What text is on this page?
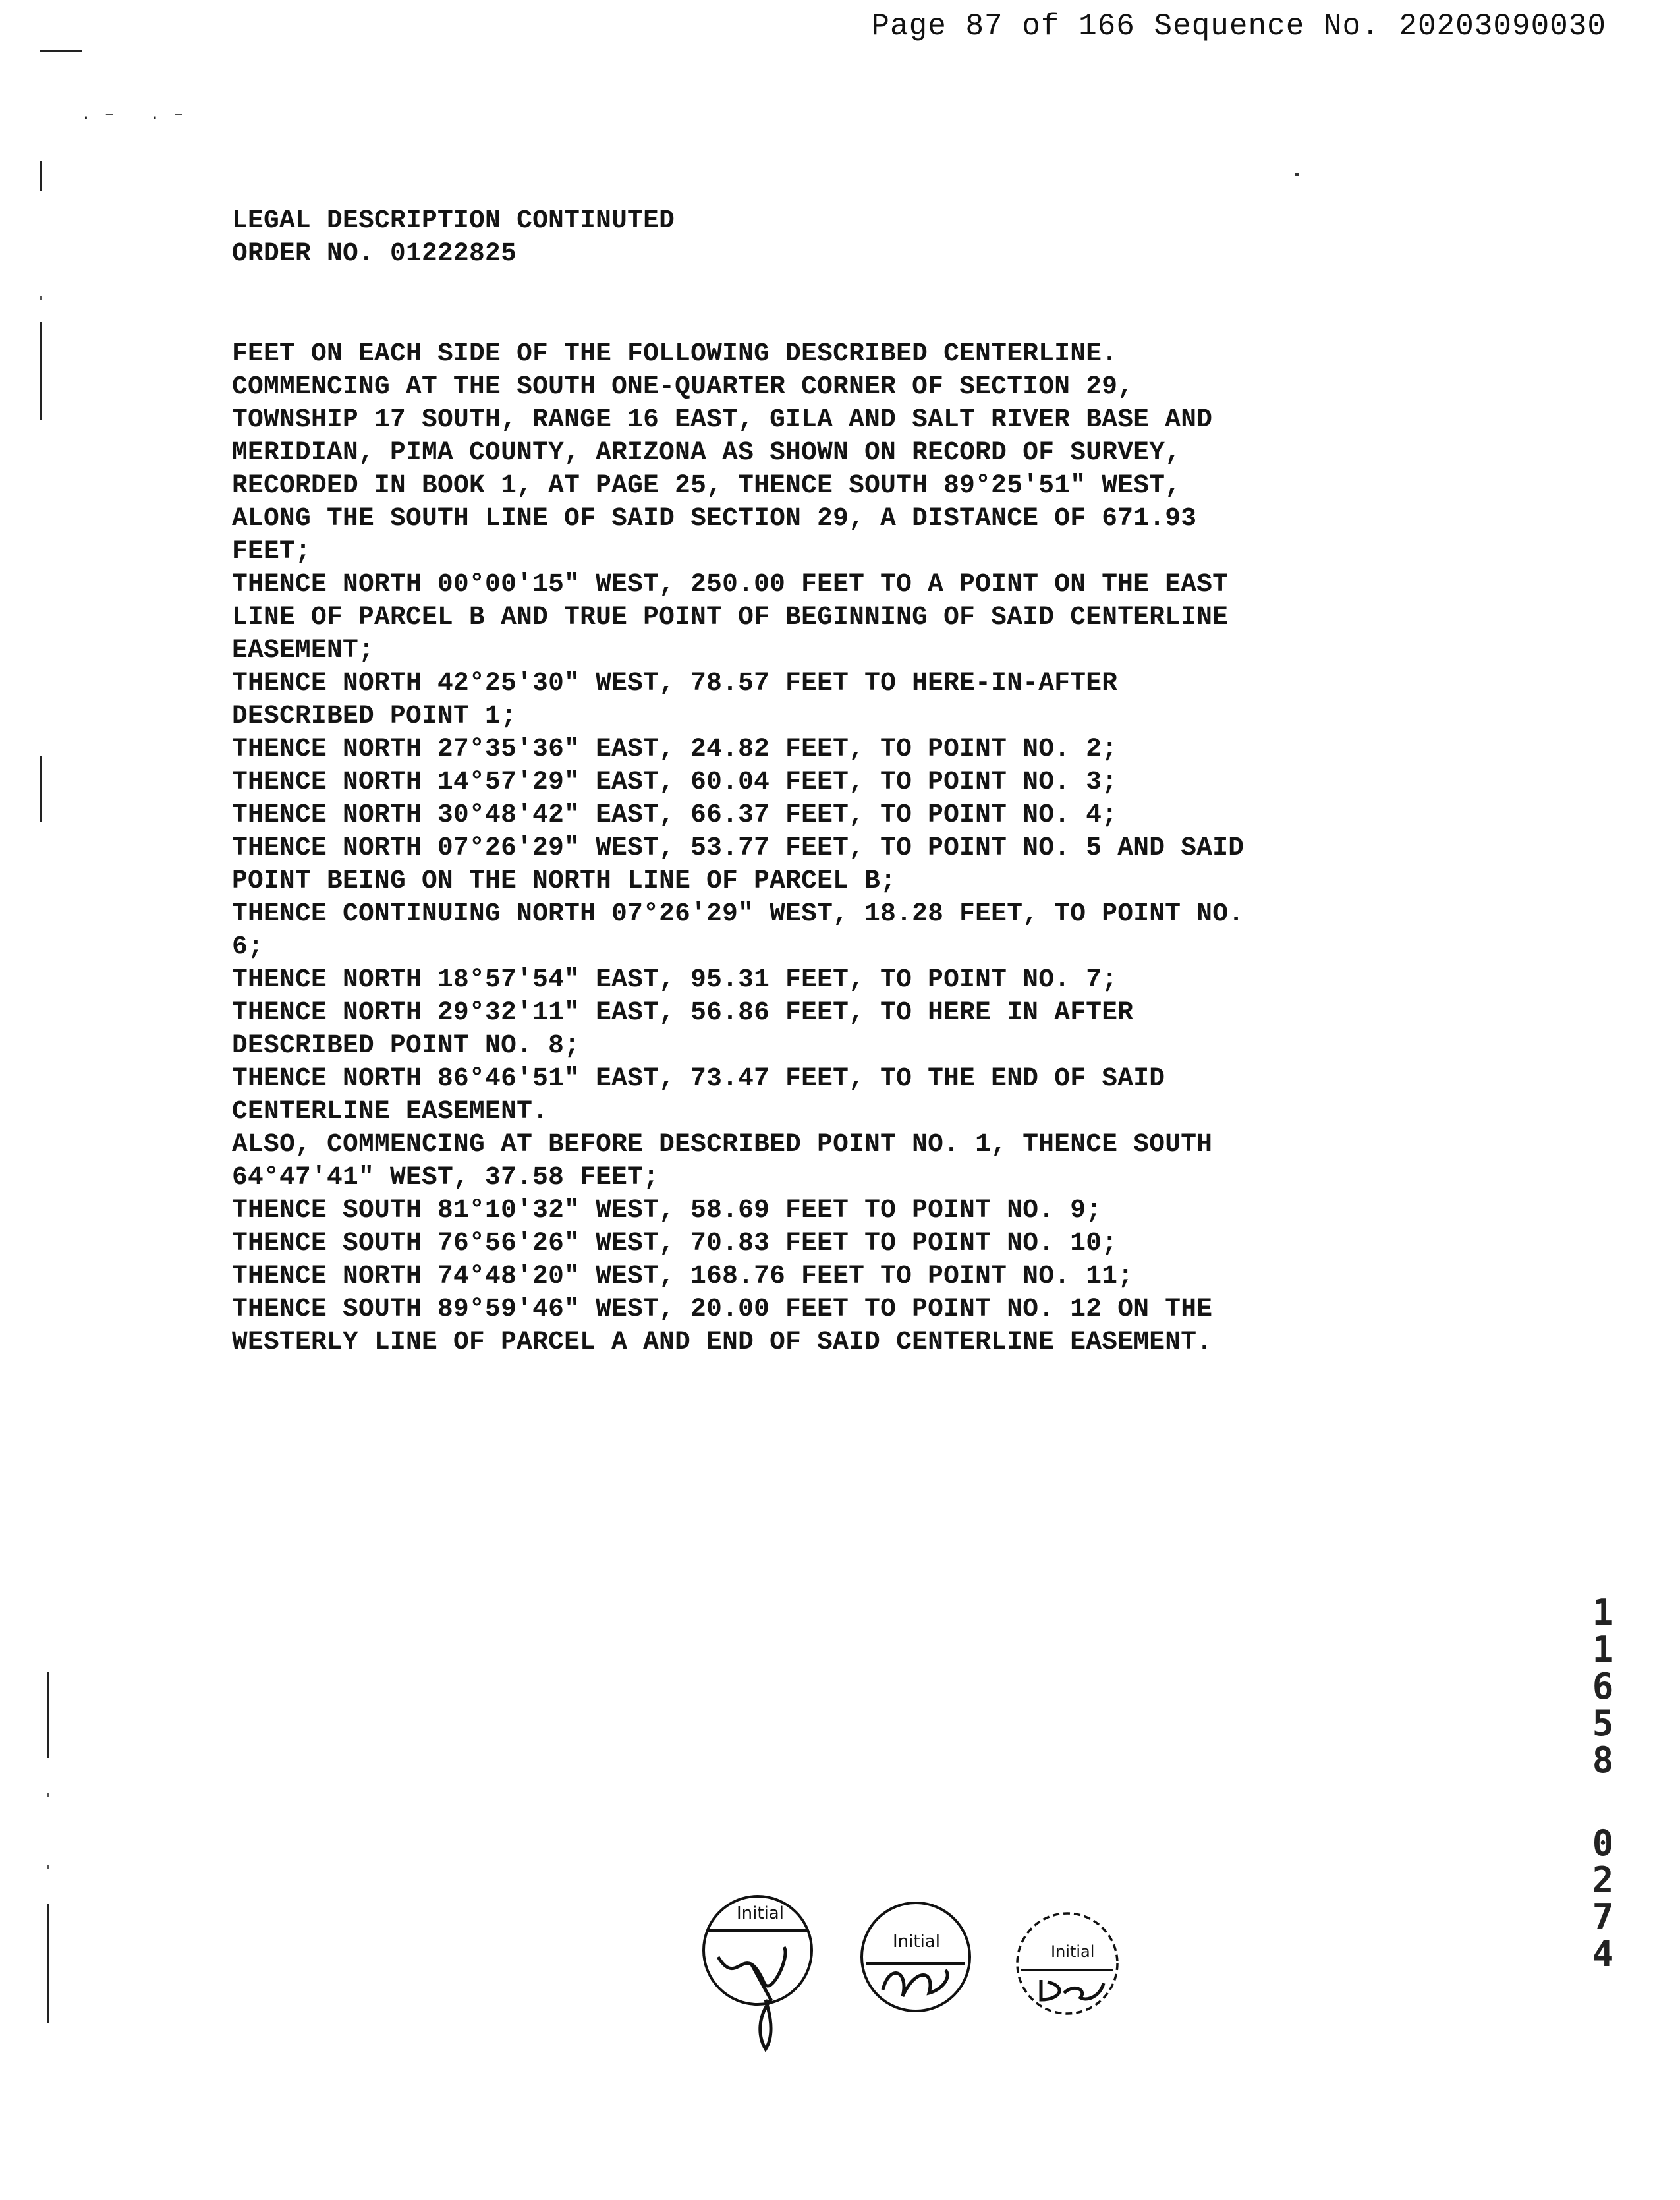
Page 87 of 166 Sequence No. 20203090030
·⁻ ·⁻

LEGAL DESCRIPTION CONTINUTED

ORDER NO. 01222825

FEET ON EACH SIDE OF THE FOLLOWING DESCRIBED CENTERLINE.

COMMENCING AT THE SOUTH ONE-QUARTER CORNER OF SECTION 29,
TOWNSHIP 17 SOUTH, RANGE 16 EAST, GILA AND SALT RIVER BASE AND
MERIDIAN, PIMA COUNTY, ARIZONA AS SHOWN ON RECORD OF SURVEY,
RECORDED IN BOOK 1, AT PAGE 25, THENCE SOUTH 89°25'51" WEST,
ALONG THE SOUTH LINE OF SAID SECTION 29, A DISTANCE OF 671.93
FEET;

THENCE NORTH 00°00'15" WEST, 250.00 FEET TO A POINT ON THE EAST
LINE OF PARCEL B AND TRUE POINT OF BEGINNING OF SAID CENTERLINE
EASEMENT;

THENCE NORTH 42°25'30" WEST, 78.57 FEET TO HERE-IN-AFTER
DESCRIBED POINT 1;

THENCE NORTH 27°35'36" EAST, 24.82 FEET, TO POINT NO. 2;

THENCE NORTH 14°57'29" EAST, 60.04 FEET, TO POINT NO. 3;

THENCE NORTH 30°48'42" EAST, 66.37 FEET, TO POINT NO. 4;

THENCE NORTH 07°26'29" WEST, 53.77 FEET, TO POINT NO. 5 AND SAID
POINT BEING ON THE NORTH LINE OF PARCEL B;

THENCE CONTINUING NORTH 07°26'29" WEST, 18.28 FEET, TO POINT NO.
6;

THENCE NORTH 18°57'54" EAST, 95.31 FEET, TO POINT NO. 7;

THENCE NORTH 29°32'11" EAST, 56.86 FEET, TO HERE IN AFTER
DESCRIBED POINT NO. 8;

THENCE NORTH 86°46'51" EAST, 73.47 FEET, TO THE END OF SAID
CENTERLINE EASEMENT.

ALSO, COMMENCING AT BEFORE DESCRIBED POINT NO. 1, THENCE SOUTH
64°47'41" WEST, 37.58 FEET;

THENCE SOUTH 81°10'32" WEST, 58.69 FEET TO POINT NO. 9;

THENCE SOUTH 76°56'26" WEST, 70.83 FEET TO POINT NO. 10;

THENCE NORTH 74°48'20" WEST, 168.76 FEET TO POINT NO. 11;

THENCE SOUTH 89°59'46" WEST, 20.00 FEET TO POINT NO. 12 ON THE
WESTERLY LINE OF PARCEL A AND END OF SAID CENTERLINE EASEMENT.

1
1
6
5
8
0
2
7
4
Initial
Initial	Initial
